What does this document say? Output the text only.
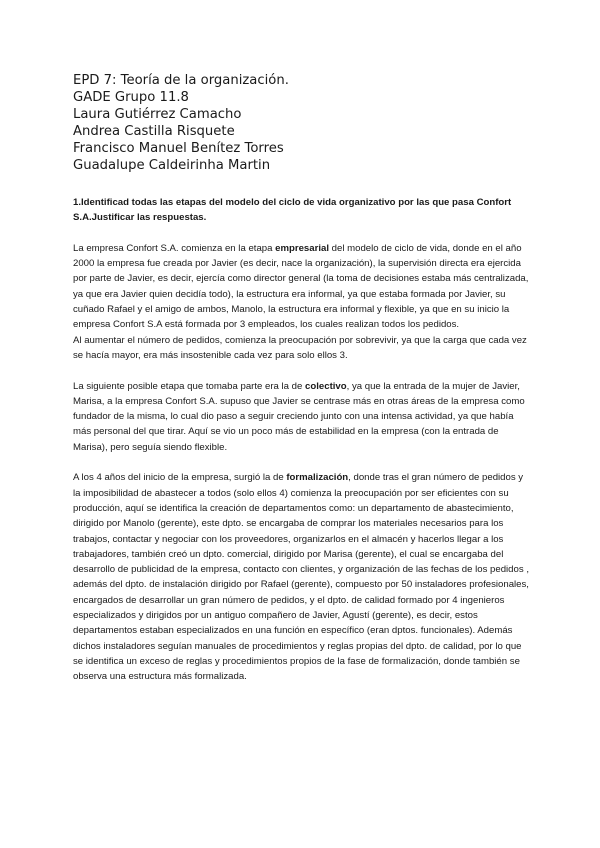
EPD 7: Teoría de la organización.
GADE Grupo 11.8
Laura Gutiérrez Camacho
Andrea Castilla Risquete
Francisco Manuel Benítez Torres
Guadalupe Caldeirinha Martin

1.Identificad todas las etapas del modelo del ciclo de vida organizativo por las que pasa Confort S.A.Justificar las respuestas.

La empresa Confort S.A. comienza en la etapa empresarial del modelo de ciclo de vida, donde en el año 2000 la empresa fue creada por Javier (es decir, nace la organización), la supervisión directa era ejercida por parte de Javier, es decir, ejercía como director general (la toma de decisiones estaba más centralizada, ya que era Javier quien decidía todo), la estructura era informal, ya que estaba formada por Javier, su cuñado Rafael y el amigo de ambos, Manolo, la estructura era informal y flexible, ya que en su inicio la empresa Confort S.A está formada por 3 empleados, los cuales realizan todos los pedidos.

Al aumentar el número de pedidos, comienza la preocupación por sobrevivir, ya que la carga que cada vez se hacía mayor, era más insostenible cada vez para solo ellos 3.

La siguiente posible etapa que tomaba parte era la de colectivo, ya que la entrada de la mujer de Javier, Marisa, a la empresa Confort S.A. supuso que Javier se centrase más en otras áreas de la empresa como fundador de la misma, lo cual dio paso a seguir creciendo junto con una intensa actividad, ya que había más personal del que tirar. Aquí se vio un poco más de estabilidad en la empresa (con la entrada de Marisa), pero seguía siendo flexible.

A los 4 años del inicio de la empresa, surgió la de formalización, donde tras el gran número de pedidos y la imposibilidad de abastecer a todos (solo ellos 4) comienza la preocupación por ser eficientes con su producción, aquí se identifica la creación de departamentos como: un departamento de abastecimiento, dirigido por Manolo (gerente), este dpto. se encargaba de comprar los materiales necesarios para los trabajos, contactar y negociar con los proveedores, organizarlos en el almacén y hacerlos llegar a los trabajadores, también creó un dpto. comercial, dirigido por Marisa (gerente), el cual se encargaba del desarrollo de publicidad de la empresa, contacto con clientes, y organización de las fechas de los pedidos , además del dpto. de instalación dirigido por Rafael (gerente), compuesto por 50 instaladores profesionales, encargados de desarrollar un gran número de pedidos, y el dpto. de calidad formado por 4 ingenieros especializados y dirigidos por un antiguo compañero de Javier, Agustí (gerente), es decir, estos departamentos estaban especializados en una función en específico (eran dptos. funcionales). Además dichos instaladores seguían manuales de procedimientos y reglas propias del dpto. de calidad, por lo que se identifica un exceso de reglas y procedimientos propios de la fase de formalización, donde también se observa una estructura más formalizada.
